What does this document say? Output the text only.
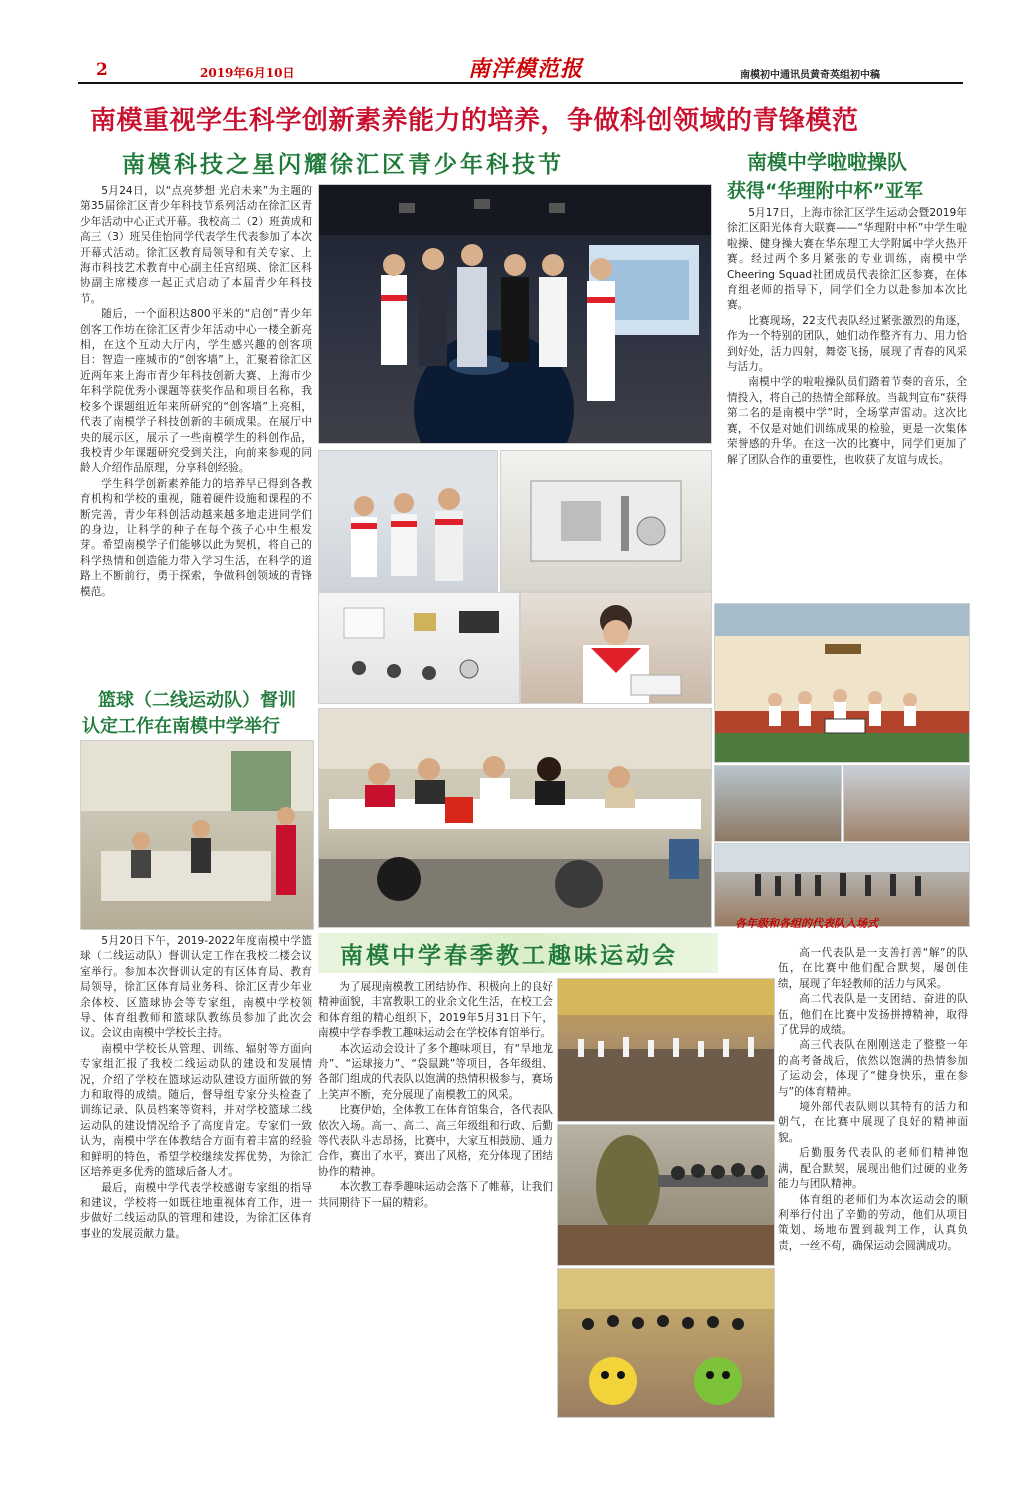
2	2019年6月10日	南洋模范报	南模初中通讯员黄奇英组初中稿
南模重视学生科学创新素养能力的培养，争做科创领域的青锋模范
南模科技之星闪耀徐汇区青少年科技节

5月24日，以“点亮梦想 光启未来”为主题的第35届徐汇区青少年科技节系列活动在徐汇区青少年活动中心正式开幕。我校高二（2）班黄成和高三（3）班吴佳怡同学代表学生代表参加了本次开幕式活动。徐汇区教育局领导和有关专家、上海市科技艺术教育中心副主任宫绍瑛、徐汇区科协副主席楼彦一起正式启动了本届青少年科技节。

随后，一个面积达800平米的“启创”青少年创客工作坊在徐汇区青少年活动中心一楼全新亮相，在这个互动大厅内，学生感兴趣的创客项目：智造一座城市的“创客墙”上，汇聚着徐汇区近两年来上海市青少年科技创新大赛、上海市少年科学院优秀小课题等获奖作品和项目名称，我校多个课题组近年来所研究的“创客墙”上亮相，代表了南模学子科技创新的丰硕成果。在展厅中央的展示区，展示了一些南模学生的科创作品，我校青少年课题研究受到关注，向前来参观的同龄人介绍作品原理，分享科创经验。

学生科学创新素养能力的培养早已得到各教育机构和学校的重视，随着硬件设施和课程的不断完善，青少年科创活动越来越多地走进同学们的身边，让科学的种子在每个孩子心中生根发芽。希望南模学子们能够以此为契机，将自己的科学热情和创造能力带入学习生活，在科学的道路上不断前行，勇于探索，争做科创领域的青锋模范。

南模中学啦啦操队
获得“华理附中杯”亚军

5月17日，上海市徐汇区学生运动会暨2019年徐汇区阳光体育大联赛——“华理附中杯”中学生啦啦操、健身操大赛在华东理工大学附属中学火热开赛。经过两个多月紧张的专业训练，南模中学Cheering Squad社团成员代表徐汇区参赛，在体育组老师的指导下，同学们全力以赴参加本次比赛。

比赛现场，22支代表队经过紧张激烈的角逐，作为一个特别的团队，她们动作整齐有力、用力恰到好处，活力四射，舞姿飞扬，展现了青春的风采与活力。

南模中学的啦啦操队员们踏着节奏的音乐，全情投入，将自己的热情全部释放。当裁判宣布“获得第二名的是南模中学”时，全场掌声雷动。这次比赛，不仅是对她们训练成果的检验，更是一次集体荣誉感的升华。在这一次的比赛中，同学们更加了解了团队合作的重要性，也收获了友谊与成长。

各年级和各组的代表队入场式
篮球（二线运动队）督训
认定工作在南模中学举行

5月20日下午，2019-2022年度南模中学篮球（二线运动队）督训认定工作在我校二楼会议室举行。参加本次督训认定的有区体育局、教育局领导，徐汇区体育局业务科、徐汇区青少年业余体校、区篮球协会等专家组，南模中学校领导、体育组教师和篮球队教练员参加了此次会议。会议由南模中学校长主持。

南模中学校长从管理、训练、辐射等方面向专家组汇报了我校二线运动队的建设和发展情况，介绍了学校在篮球运动队建设方面所做的努力和取得的成绩。随后，督导组专家分头检查了训练记录、队员档案等资料，并对学校篮球二线运动队的建设情况给予了高度肯定。专家们一致认为，南模中学在体教结合方面有着丰富的经验和鲜明的特色，希望学校继续发挥优势，为徐汇区培养更多优秀的篮球后备人才。

最后，南模中学代表学校感谢专家组的指导和建议，学校将一如既往地重视体育工作，进一步做好二线运动队的管理和建设，为徐汇区体育事业的发展贡献力量。

南模中学春季教工趣味运动会

为了展现南模教工团结协作、积极向上的良好精神面貌，丰富教职工的业余文化生活，在校工会和体育组的精心组织下，2019年5月31日下午，南模中学春季教工趣味运动会在学校体育馆举行。

本次运动会设计了多个趣味项目，有“旱地龙舟”、“运球接力”、“袋鼠跳”等项目，各年级组、各部门组成的代表队以饱满的热情积极参与，赛场上笑声不断，充分展现了南模教工的风采。

比赛伊始，全体教工在体育馆集合，各代表队依次入场。高一、高二、高三年级组和行政、后勤等代表队斗志昂扬，比赛中，大家互相鼓励、通力合作，赛出了水平，赛出了风格，充分体现了团结协作的精神。

本次教工春季趣味运动会落下了帷幕，让我们共同期待下一届的精彩。

高一代表队是一支善打善“解”的队伍，在比赛中他们配合默契，屡创佳绩，展现了年轻教师的活力与风采。

高二代表队是一支团结、奋进的队伍，他们在比赛中发扬拼搏精神，取得了优异的成绩。

高三代表队在刚刚送走了整整一年的高考备战后，依然以饱满的热情参加了运动会，体现了“健身快乐，重在参与”的体育精神。

境外部代表队则以其特有的活力和朝气，在比赛中展现了良好的精神面貌。

后勤服务代表队的老师们精神饱满，配合默契，展现出他们过硬的业务能力与团队精神。

体育组的老师们为本次运动会的顺利举行付出了辛勤的劳动，他们从项目策划、场地布置到裁判工作，认真负责，一丝不苟，确保运动会圆满成功。
